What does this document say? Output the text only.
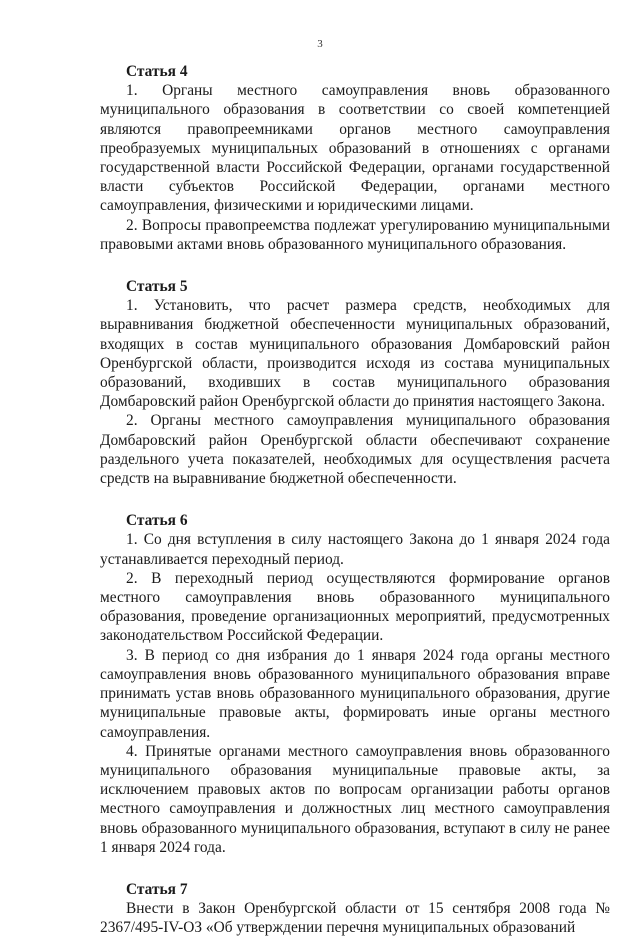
3
Статья 4

1. Органы местного самоуправления вновь образованного муниципального образования в соответствии со своей компетенцией являются правопреемниками органов местного самоуправления преобразуемых муниципальных образований в отношениях с органами государственной власти Российской Федерации, органами государственной власти субъектов Российской Федерации, органами местного самоуправления, физическими и юридическими лицами.

2. Вопросы правопреемства подлежат урегулированию муниципальными правовыми актами вновь образованного муниципального образования.

Статья 5

1. Установить, что расчет размера средств, необходимых для выравнивания бюджетной обеспеченности муниципальных образований, входящих в состав муниципального образования Домбаровский район Оренбургской области, производится исходя из состава муниципальных образований, входивших в состав муниципального образования Домбаровский район Оренбургской области до принятия настоящего Закона.

2. Органы местного самоуправления муниципального образования Домбаровский район Оренбургской области обеспечивают сохранение раздельного учета показателей, необходимых для осуществления расчета средств на выравнивание бюджетной обеспеченности.

Статья 6

1. Со дня вступления в силу настоящего Закона до 1 января 2024 года устанавливается переходный период.

2. В переходный период осуществляются формирование органов местного самоуправления вновь образованного муниципального образования, проведение организационных мероприятий, предусмотренных законодательством Российской Федерации.

3. В период со дня избрания до 1 января 2024 года органы местного самоуправления вновь образованного муниципального образования вправе принимать устав вновь образованного муниципального образования, другие муниципальные правовые акты, формировать иные органы местного самоуправления.

4. Принятые органами местного самоуправления вновь образованного муниципального образования муниципальные правовые акты, за исключением правовых актов по вопросам организации работы органов местного самоуправления и должностных лиц местного самоуправления вновь образованного муниципального образования, вступают в силу не ранее 1 января 2024 года.

Статья 7

Внести в Закон Оренбургской области от 15 сентября 2008 года № 2367/495-IV-ОЗ «Об утверждении перечня муниципальных образований
